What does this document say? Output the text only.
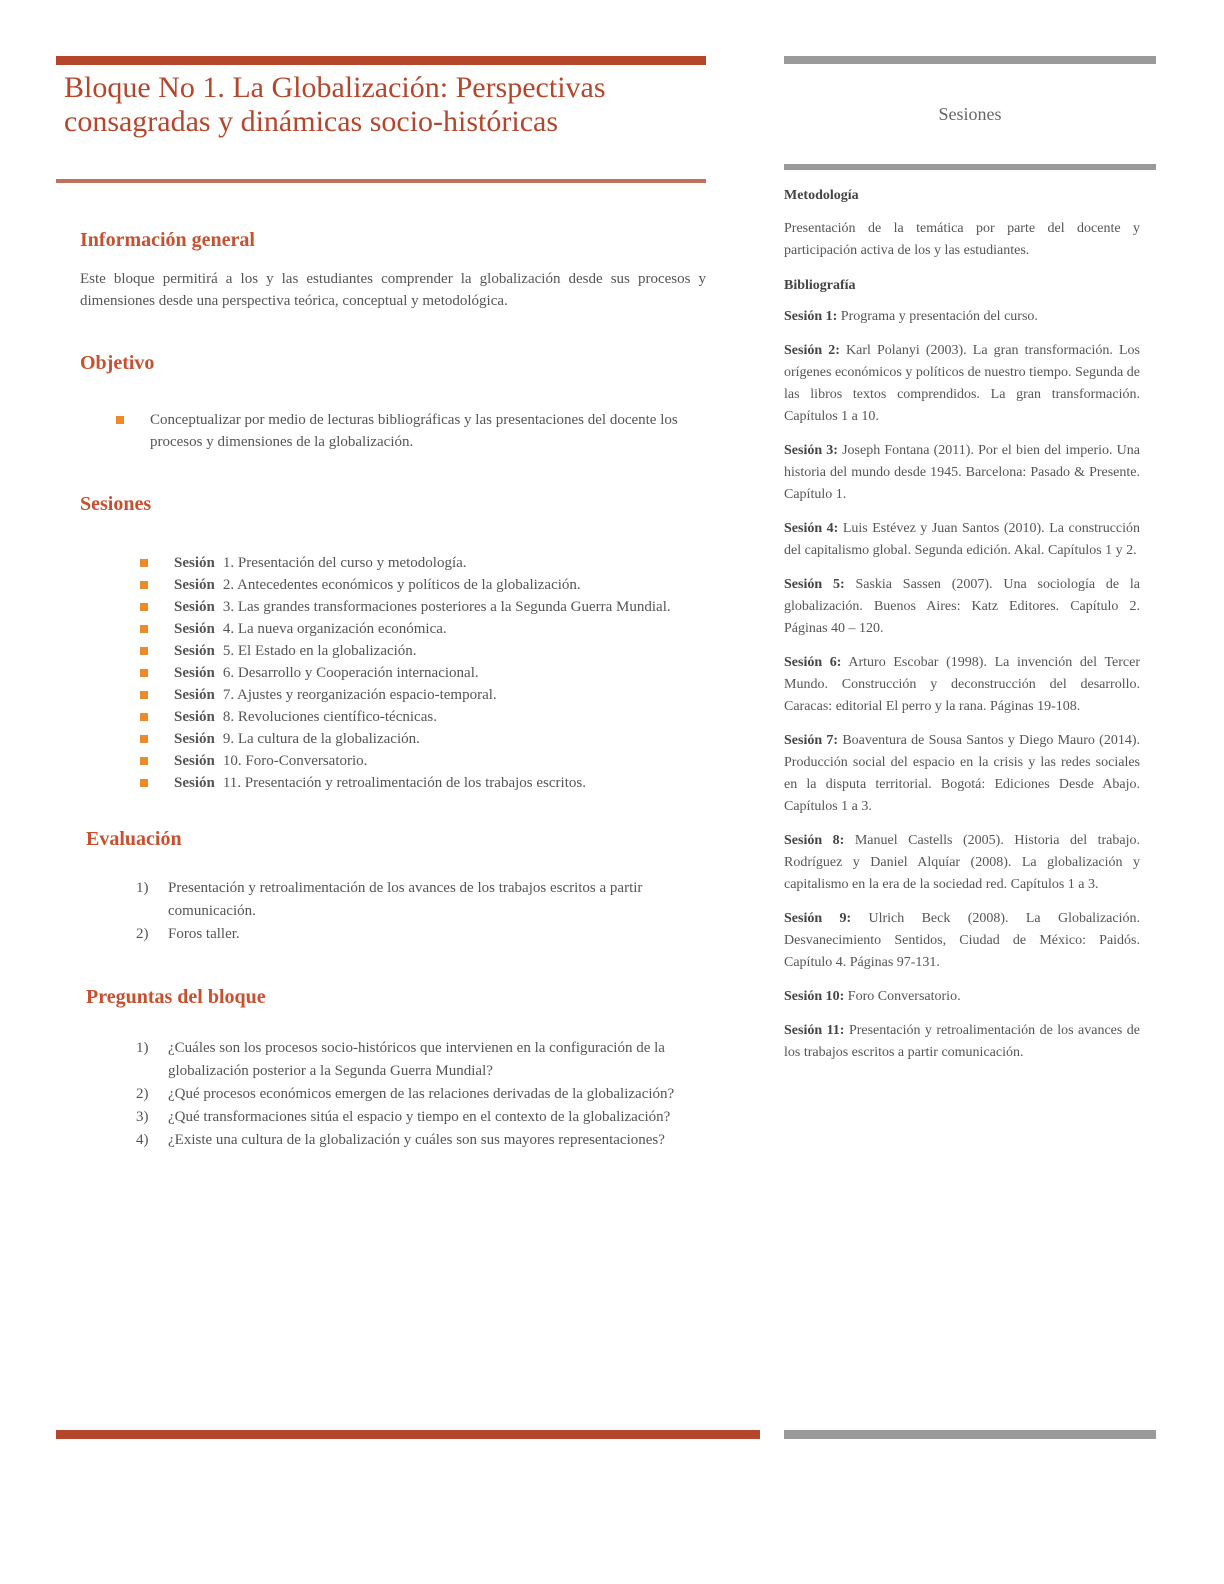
Bloque No 1. La Globalización: Perspectivas consagradas y dinámicas socio-históricas
Información general

Este bloque permitirá a los y las estudiantes comprender la globalización desde sus procesos y dimensiones desde una perspectiva teórica, conceptual y metodológica.

Objetivo
Conceptualizar por medio de lecturas bibliográficas y las presentaciones del docente los procesos y dimensiones de la globalización.
Sesiones
Sesión 1. Presentación del curso y metodología.
Sesión 2. Antecedentes económicos y políticos de la globalización.
Sesión 3. Las grandes transformaciones posteriores a la Segunda Guerra Mundial.
Sesión 4. La nueva organización económica.
Sesión 5. El Estado en la globalización.
Sesión 6. Desarrollo y Cooperación internacional.
Sesión 7. Ajustes y reorganización espacio-temporal.
Sesión 8. Revoluciones científico-técnicas.
Sesión 9. La cultura de la globalización.
Sesión 10. Foro-Conversatorio.
Sesión 11. Presentación y retroalimentación de los trabajos escritos.
Evaluación
1) Presentación y retroalimentación de los avances de los trabajos escritos a partir comunicación.
2) Foros taller.
Preguntas del bloque
1) ¿Cuáles son los procesos socio-históricos que intervienen en la configuración de la globalización posterior a la Segunda Guerra Mundial?
2) ¿Qué procesos económicos emergen de las relaciones derivadas de la globalización?
3) ¿Qué transformaciones sitúa el espacio y tiempo en el contexto de la globalización?
4) ¿Existe una cultura de la globalización y cuáles son sus mayores representaciones?
Sesiones

Metodología

Presentación de la temática por parte del docente y participación activa de los y las estudiantes.

Bibliografía

Sesión 1: Programa y presentación del curso.

Sesión 2: Karl Polanyi (2003). La gran transformación. Los orígenes económicos y políticos de nuestro tiempo. Segunda de las libros textos comprendidos. La gran transformación. Capítulos 1 a 10.

Sesión 3: Joseph Fontana (2011). Por el bien del imperio. Una historia del mundo desde 1945. Barcelona: Pasado & Presente. Capítulo 1.

Sesión 4: Luis Estévez y Juan Santos (2010). La construcción del capitalismo global. Segunda edición. Akal. Capítulos 1 y 2.

Sesión 5: Saskia Sassen (2007). Una sociología de la globalización. Buenos Aires: Katz Editores. Capítulo 2. Páginas 40 – 120.

Sesión 6: Arturo Escobar (1998). La invención del Tercer Mundo. Construcción y deconstrucción del desarrollo. Caracas: editorial El perro y la rana. Páginas 19-108.

Sesión 7: Boaventura de Sousa Santos y Diego Mauro (2014). Producción social del espacio en la crisis y las redes sociales en la disputa territorial. Bogotá: Ediciones Desde Abajo. Capítulos 1 a 3.

Sesión 8: Manuel Castells (2005). Historia del trabajo. Rodríguez y Daniel Alquíar (2008). La globalización y capitalismo en la era de la sociedad red. Capítulos 1 a 3.

Sesión 9: Ulrich Beck (2008). La Globalización. Desvanecimiento Sentidos, Ciudad de México: Paidós. Capítulo 4. Páginas 97-131.

Sesión 10: Foro Conversatorio.

Sesión 11: Presentación y retroalimentación de los avances de los trabajos escritos a partir comunicación.
